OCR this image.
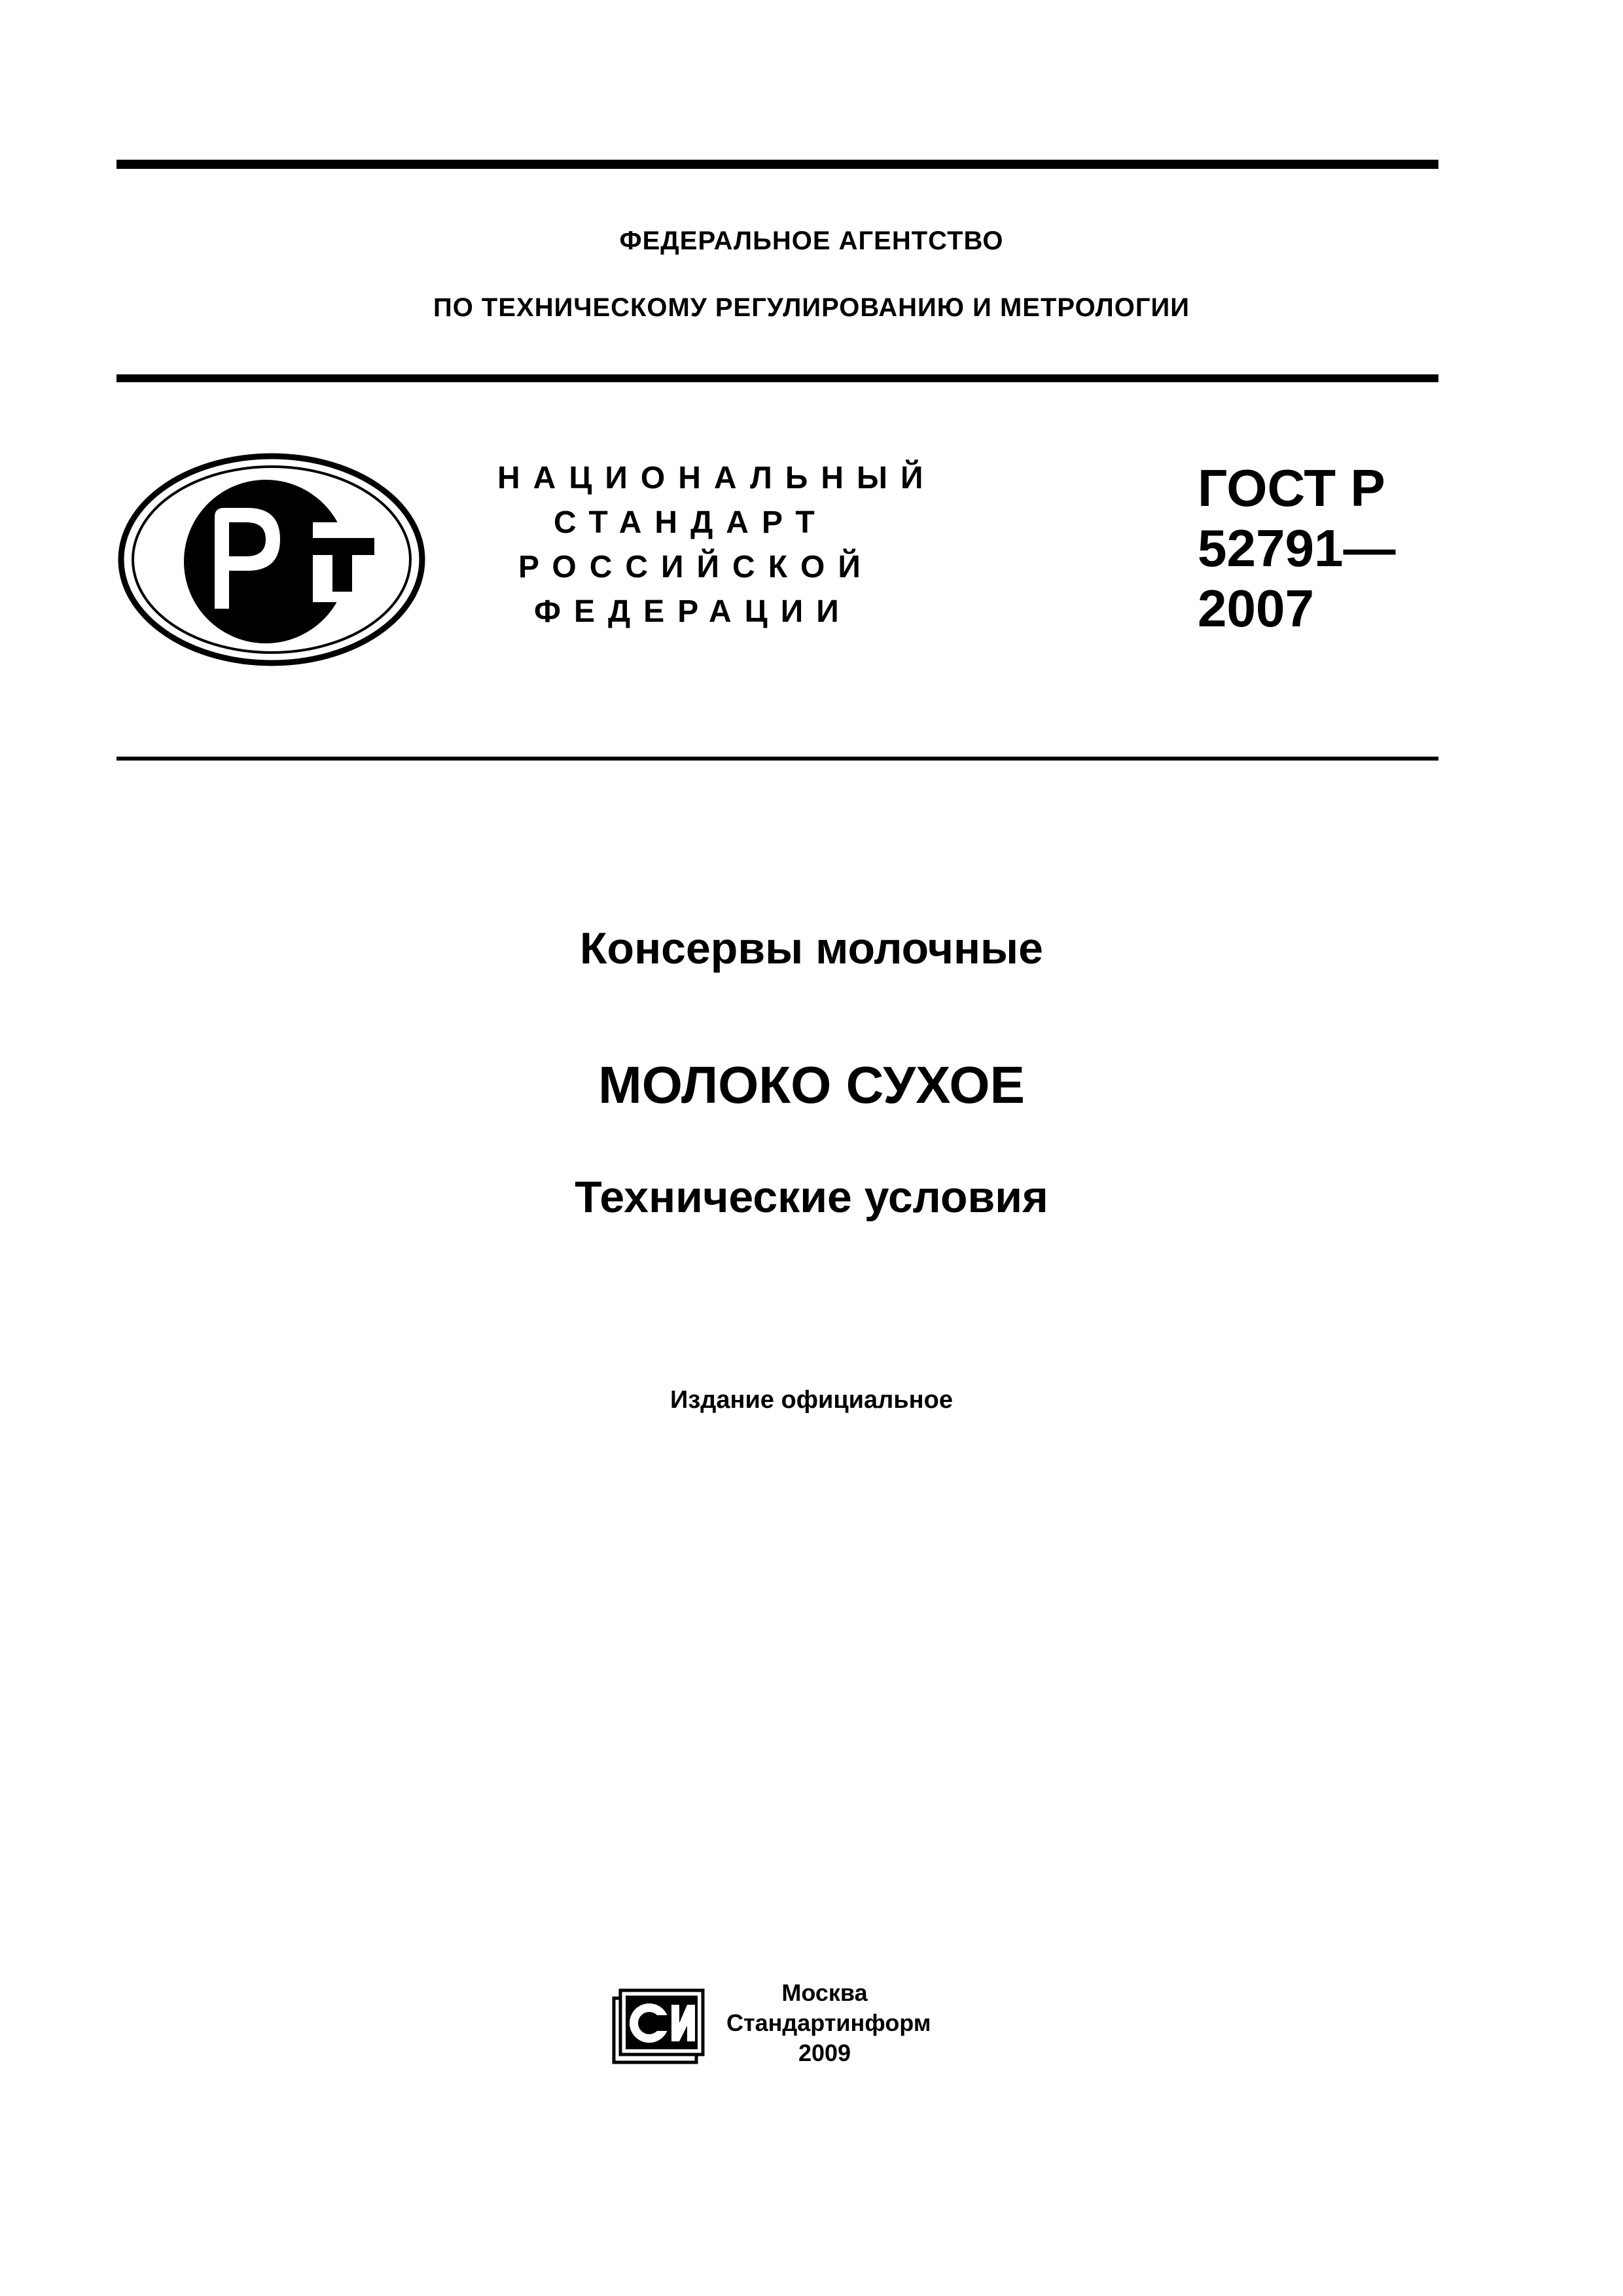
ФЕДЕРАЛЬНОЕ АГЕНТСТВО
ПО ТЕХНИЧЕСКОМУ РЕГУЛИРОВАНИЮ И МЕТРОЛОГИИ
НАЦИОНАЛЬНЫЙ
СТАНДАРТ
РОССИЙСКОЙ
ФЕДЕРАЦИИ
ГОСТ Р
52791—
2007
Консервы молочные
МОЛОКО СУХОЕ
Технические условия
Издание официальное
Москва
Стандартинформ
2009
